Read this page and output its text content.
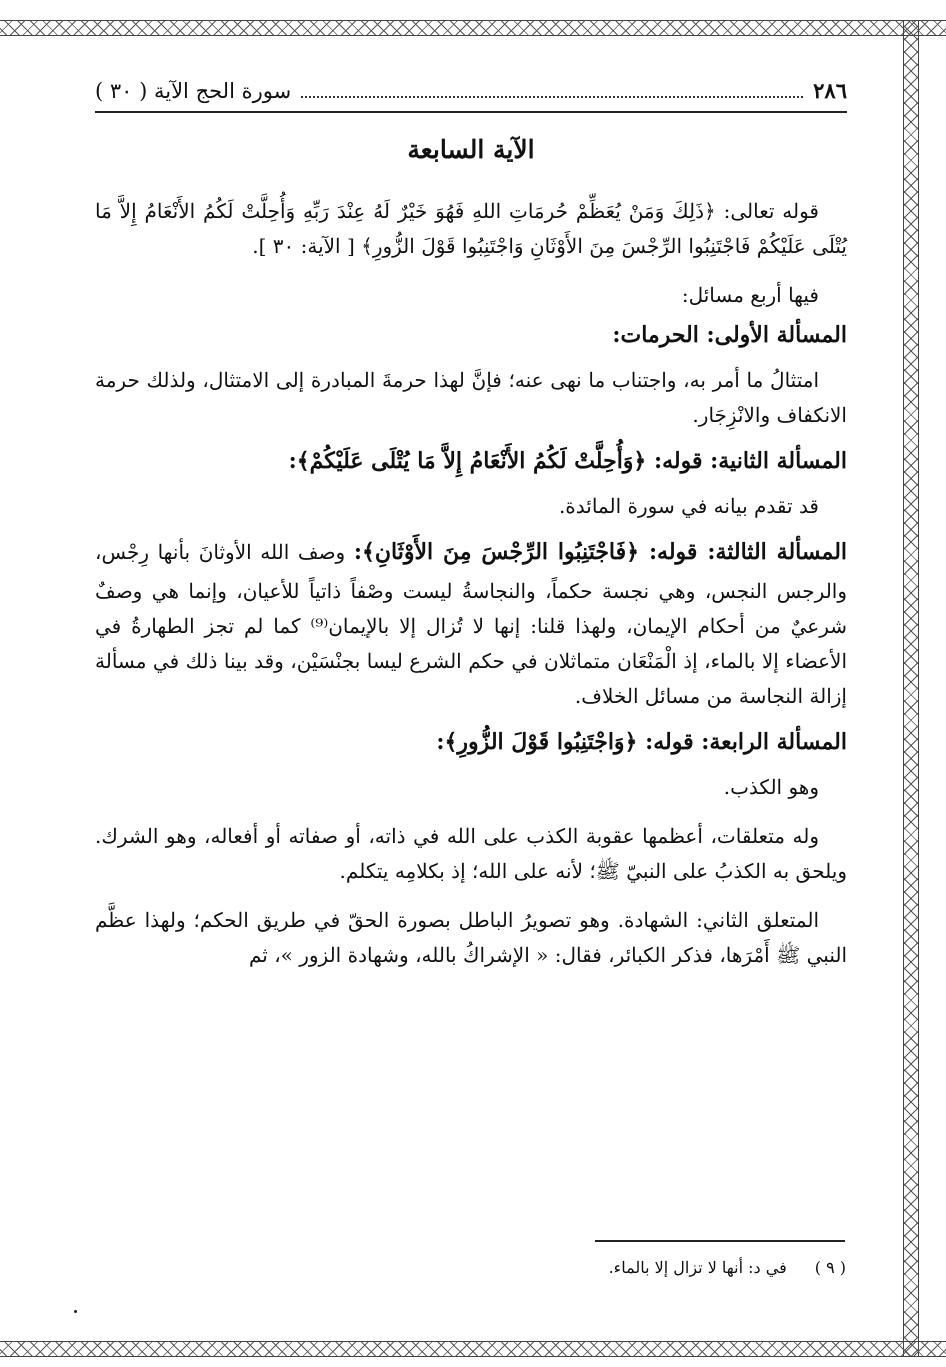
٢٨٦
سورة الحج الآية ( ٣٠ )
الآية السابعة

قوله تعالى: ﴿ذَلِكَ وَمَنْ يُعَظِّمْ حُرمَاتِ اللهِ فَهُوَ خَيْرٌ لَهُ عِنْدَ رَبِّهِ وَأُحِلَّتْ لَكُمُ الأَنْعَامُ إِلاَّ مَا يُتْلَى عَلَيْكُمْ فَاجْتَنِبُوا الرِّجْسَ مِنَ الأَوْثَانِ وَاجْتَنِبُوا قَوْلَ الزُّورِ﴾ [ الآية: ٣٠ ].

فيها أربع مسائل:

المسألة الأولى: الحرمات:

امتثالُ ما أمر به، واجتناب ما نهى عنه؛ فإنَّ لهذا حرمةَ المبادرة إلى الامتثال، ولذلك حرمة الانكفاف والانْزِجَار.

المسألة الثانية: قوله: ﴿وَأُحِلَّتْ لَكُمُ الأَنْعَامُ إِلاَّ مَا يُتْلَى عَلَيْكُمْ﴾:

قد تقدم بيانه في سورة المائدة.

المسألة الثالثة: قوله: ﴿فَاجْتَنِبُوا الرِّجْسَ مِنَ الأَوْثَانِ﴾: وصف الله الأوثانَ بأنها رِجْس، والرجس النجس، وهي نجسة حكماً، والنجاسةُ ليست وصْفاً ذاتياً للأعيان، وإنما هي وصفٌ شرعيٌ من أحكام الإيمان، ولهذا قلنا: إنها لا تُزال إلا بالإيمان⁽⁹⁾ كما لم تجز الطهارةُ في الأعضاء إلا بالماء، إذ الْمَنْعَان متماثلان في حكم الشرع ليسا بجنْسَيْن، وقد بينا ذلك في مسألة إزالة النجاسة من مسائل الخلاف.

المسألة الرابعة: قوله: ﴿وَاجْتَنِبُوا قَوْلَ الزُّورِ﴾:

وهو الكذب.

وله متعلقات، أعظمها عقوبة الكذب على الله في ذاته، أو صفاته أو أفعاله، وهو الشرك. ويلحق به الكذبُ على النبيّ ﷺ؛ لأنه على الله؛ إذ بكلامِه يتكلم.

المتعلق الثاني: الشهادة. وهو تصويرُ الباطل بصورة الحقّ في طريق الحكم؛ ولهذا عظَّم النبي ﷺ أَمْرَها، فذكر الكبائر، فقال: « الإشراكُ بالله، وشهادة الزور »، ثم

( ٩ )
في د: أنها لا تزال إلا بالماء.
